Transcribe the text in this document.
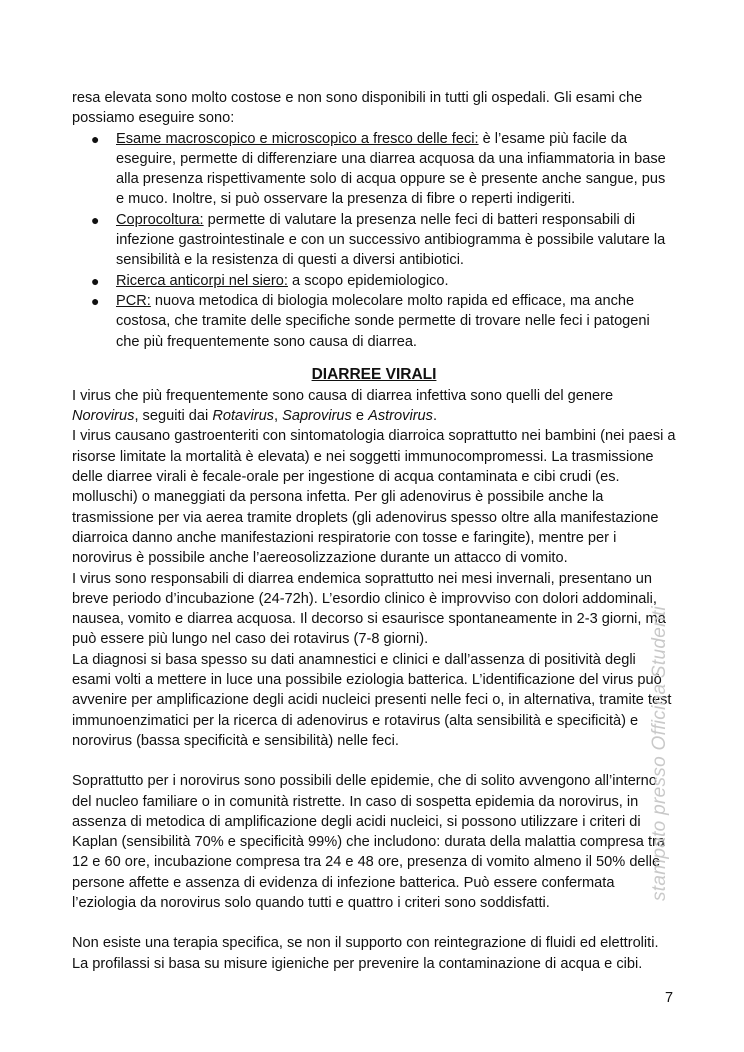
resa elevata sono molto costose e non sono disponibili in tutti gli ospedali. Gli esami che possiamo eseguire sono:

● Esame macroscopico e microscopico a fresco delle feci: è l’esame più facile da eseguire, permette di differenziare una diarrea acquosa da una infiammatoria in base alla presenza rispettivamente solo di acqua oppure se è presente anche sangue, pus e muco. Inoltre, si può osservare la presenza di fibre o reperti indigeriti.
● Coprocoltura: permette di valutare la presenza nelle feci di batteri responsabili di infezione gastrointestinale e con un successivo antibiogramma è possibile valutare la sensibilità e la resistenza di questi a diversi antibiotici.
● Ricerca anticorpi nel siero: a scopo epidemiologico.
● PCR: nuova metodica di biologia molecolare molto rapida ed efficace, ma anche costosa, che tramite delle specifiche sonde permette di trovare nelle feci i patogeni che più frequentemente sono causa di diarrea.
DIARREE VIRALI

I virus che più frequentemente sono causa di diarrea infettiva sono quelli del genere Norovirus, seguiti dai Rotavirus, Saprovirus e Astrovirus.

I virus causano gastroenteriti con sintomatologia diarroica soprattutto nei bambini (nei paesi a risorse limitate la mortalità è elevata) e nei soggetti immunocompromessi. La trasmissione delle diarree virali è fecale-orale per ingestione di acqua contaminata e cibi crudi (es. molluschi) o maneggiati da persona infetta. Per gli adenovirus è possibile anche la trasmissione per via aerea tramite droplets (gli adenovirus spesso oltre alla manifestazione diarroica danno anche manifestazioni respiratorie con tosse e faringite), mentre per i norovirus è possibile anche l’aereosolizzazione durante un attacco di vomito.

I virus sono responsabili di diarrea endemica soprattutto nei mesi invernali, presentano un breve periodo d’incubazione (24-72h). L’esordio clinico è improvviso con dolori addominali, nausea, vomito e diarrea acquosa. Il decorso si esaurisce spontaneamente in 2-3 giorni, ma può essere più lungo nel caso dei rotavirus (7-8 giorni).

La diagnosi si basa spesso su dati anamnestici e clinici e dall’assenza di positività degli esami volti a mettere in luce una possibile eziologia batterica. L’identificazione del virus può avvenire per amplificazione degli acidi nucleici presenti nelle feci o, in alternativa, tramite test immunoenzimatici per la ricerca di adenovirus e rotavirus (alta sensibilità e specificità) e norovirus (bassa specificità e sensibilità) nelle feci.

Soprattutto per i norovirus sono possibili delle epidemie, che di solito avvengono all’interno del nucleo familiare o in comunità ristrette. In caso di sospetta epidemia da norovirus, in assenza di metodica di amplificazione degli acidi nucleici, si possono utilizzare i criteri di Kaplan (sensibilità 70% e specificità 99%) che includono: durata della malattia compresa tra 12 e 60 ore, incubazione compresa tra 24 e 48 ore, presenza di vomito almeno il 50% delle persone affette e assenza di evidenza di infezione batterica. Può essere confermata l’eziologia da norovirus solo quando tutti e quattro i criteri sono soddisfatti.

Non esiste una terapia specifica, se non il supporto con reintegrazione di fluidi ed elettroliti. La profilassi si basa su misure igieniche per prevenire la contaminazione di acqua e cibi.

stampato presso Officina Studenti
7
